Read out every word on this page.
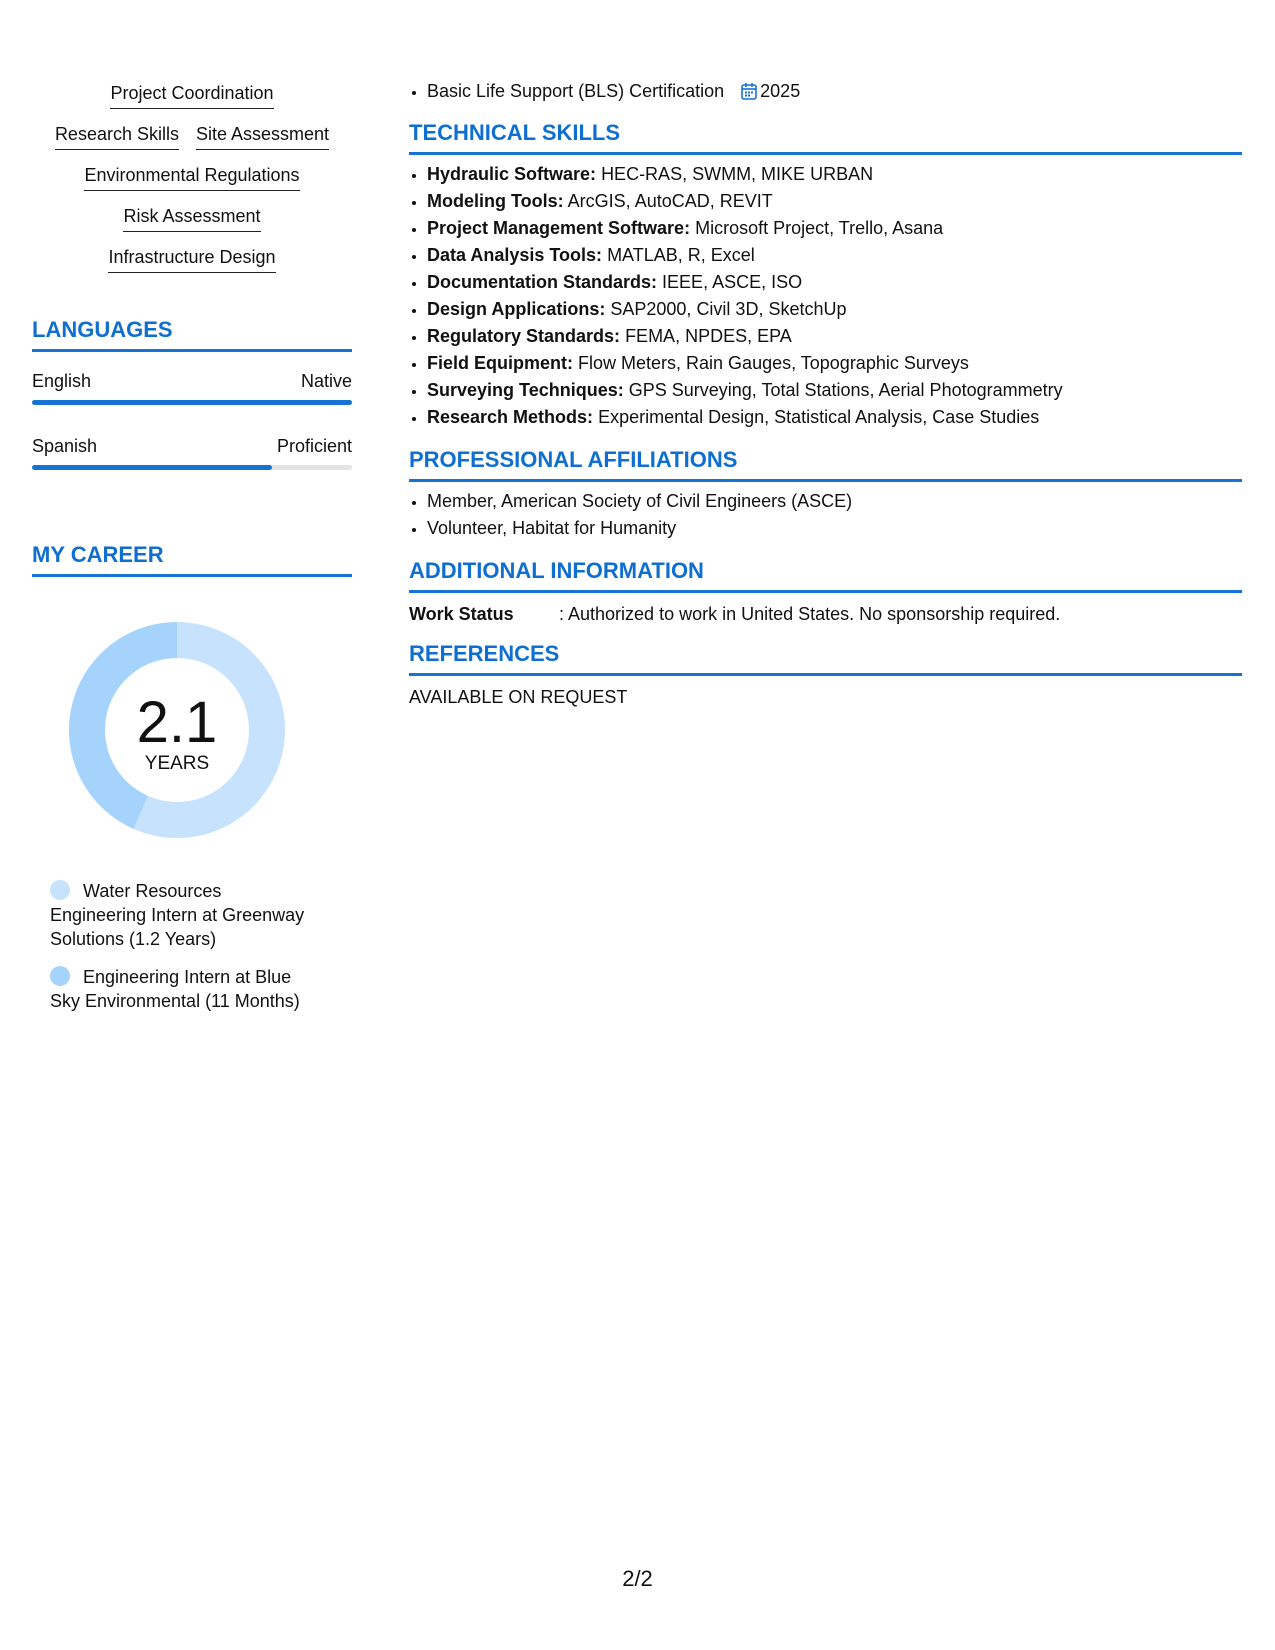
Project Coordination
Research Skills Site Assessment
Environmental Regulations
Risk Assessment
Infrastructure Design
LANGUAGES
English	Native
Spanish	Proficient
MY CAREER
2.1
YEARS
Water Resources Engineering Intern at Greenway Solutions (1.2 Years)
Engineering Intern at Blue Sky Environmental (11 Months)
• Basic Life Support (BLS) Certification 2025
TECHNICAL SKILLS
• Hydraulic Software: HEC-RAS, SWMM, MIKE URBAN
• Modeling Tools: ArcGIS, AutoCAD, REVIT
• Project Management Software: Microsoft Project, Trello, Asana
• Data Analysis Tools: MATLAB, R, Excel
• Documentation Standards: IEEE, ASCE, ISO
• Design Applications: SAP2000, Civil 3D, SketchUp
• Regulatory Standards: FEMA, NPDES, EPA
• Field Equipment: Flow Meters, Rain Gauges, Topographic Surveys
• Surveying Techniques: GPS Surveying, Total Stations, Aerial Photogrammetry
• Research Methods: Experimental Design, Statistical Analysis, Case Studies
PROFESSIONAL AFFILIATIONS
• Member, American Society of Civil Engineers (ASCE)
• Volunteer, Habitat for Humanity
ADDITIONAL INFORMATION
Work Status	: Authorized to work in United States. No sponsorship required.
REFERENCES
AVAILABLE ON REQUEST
2/2
